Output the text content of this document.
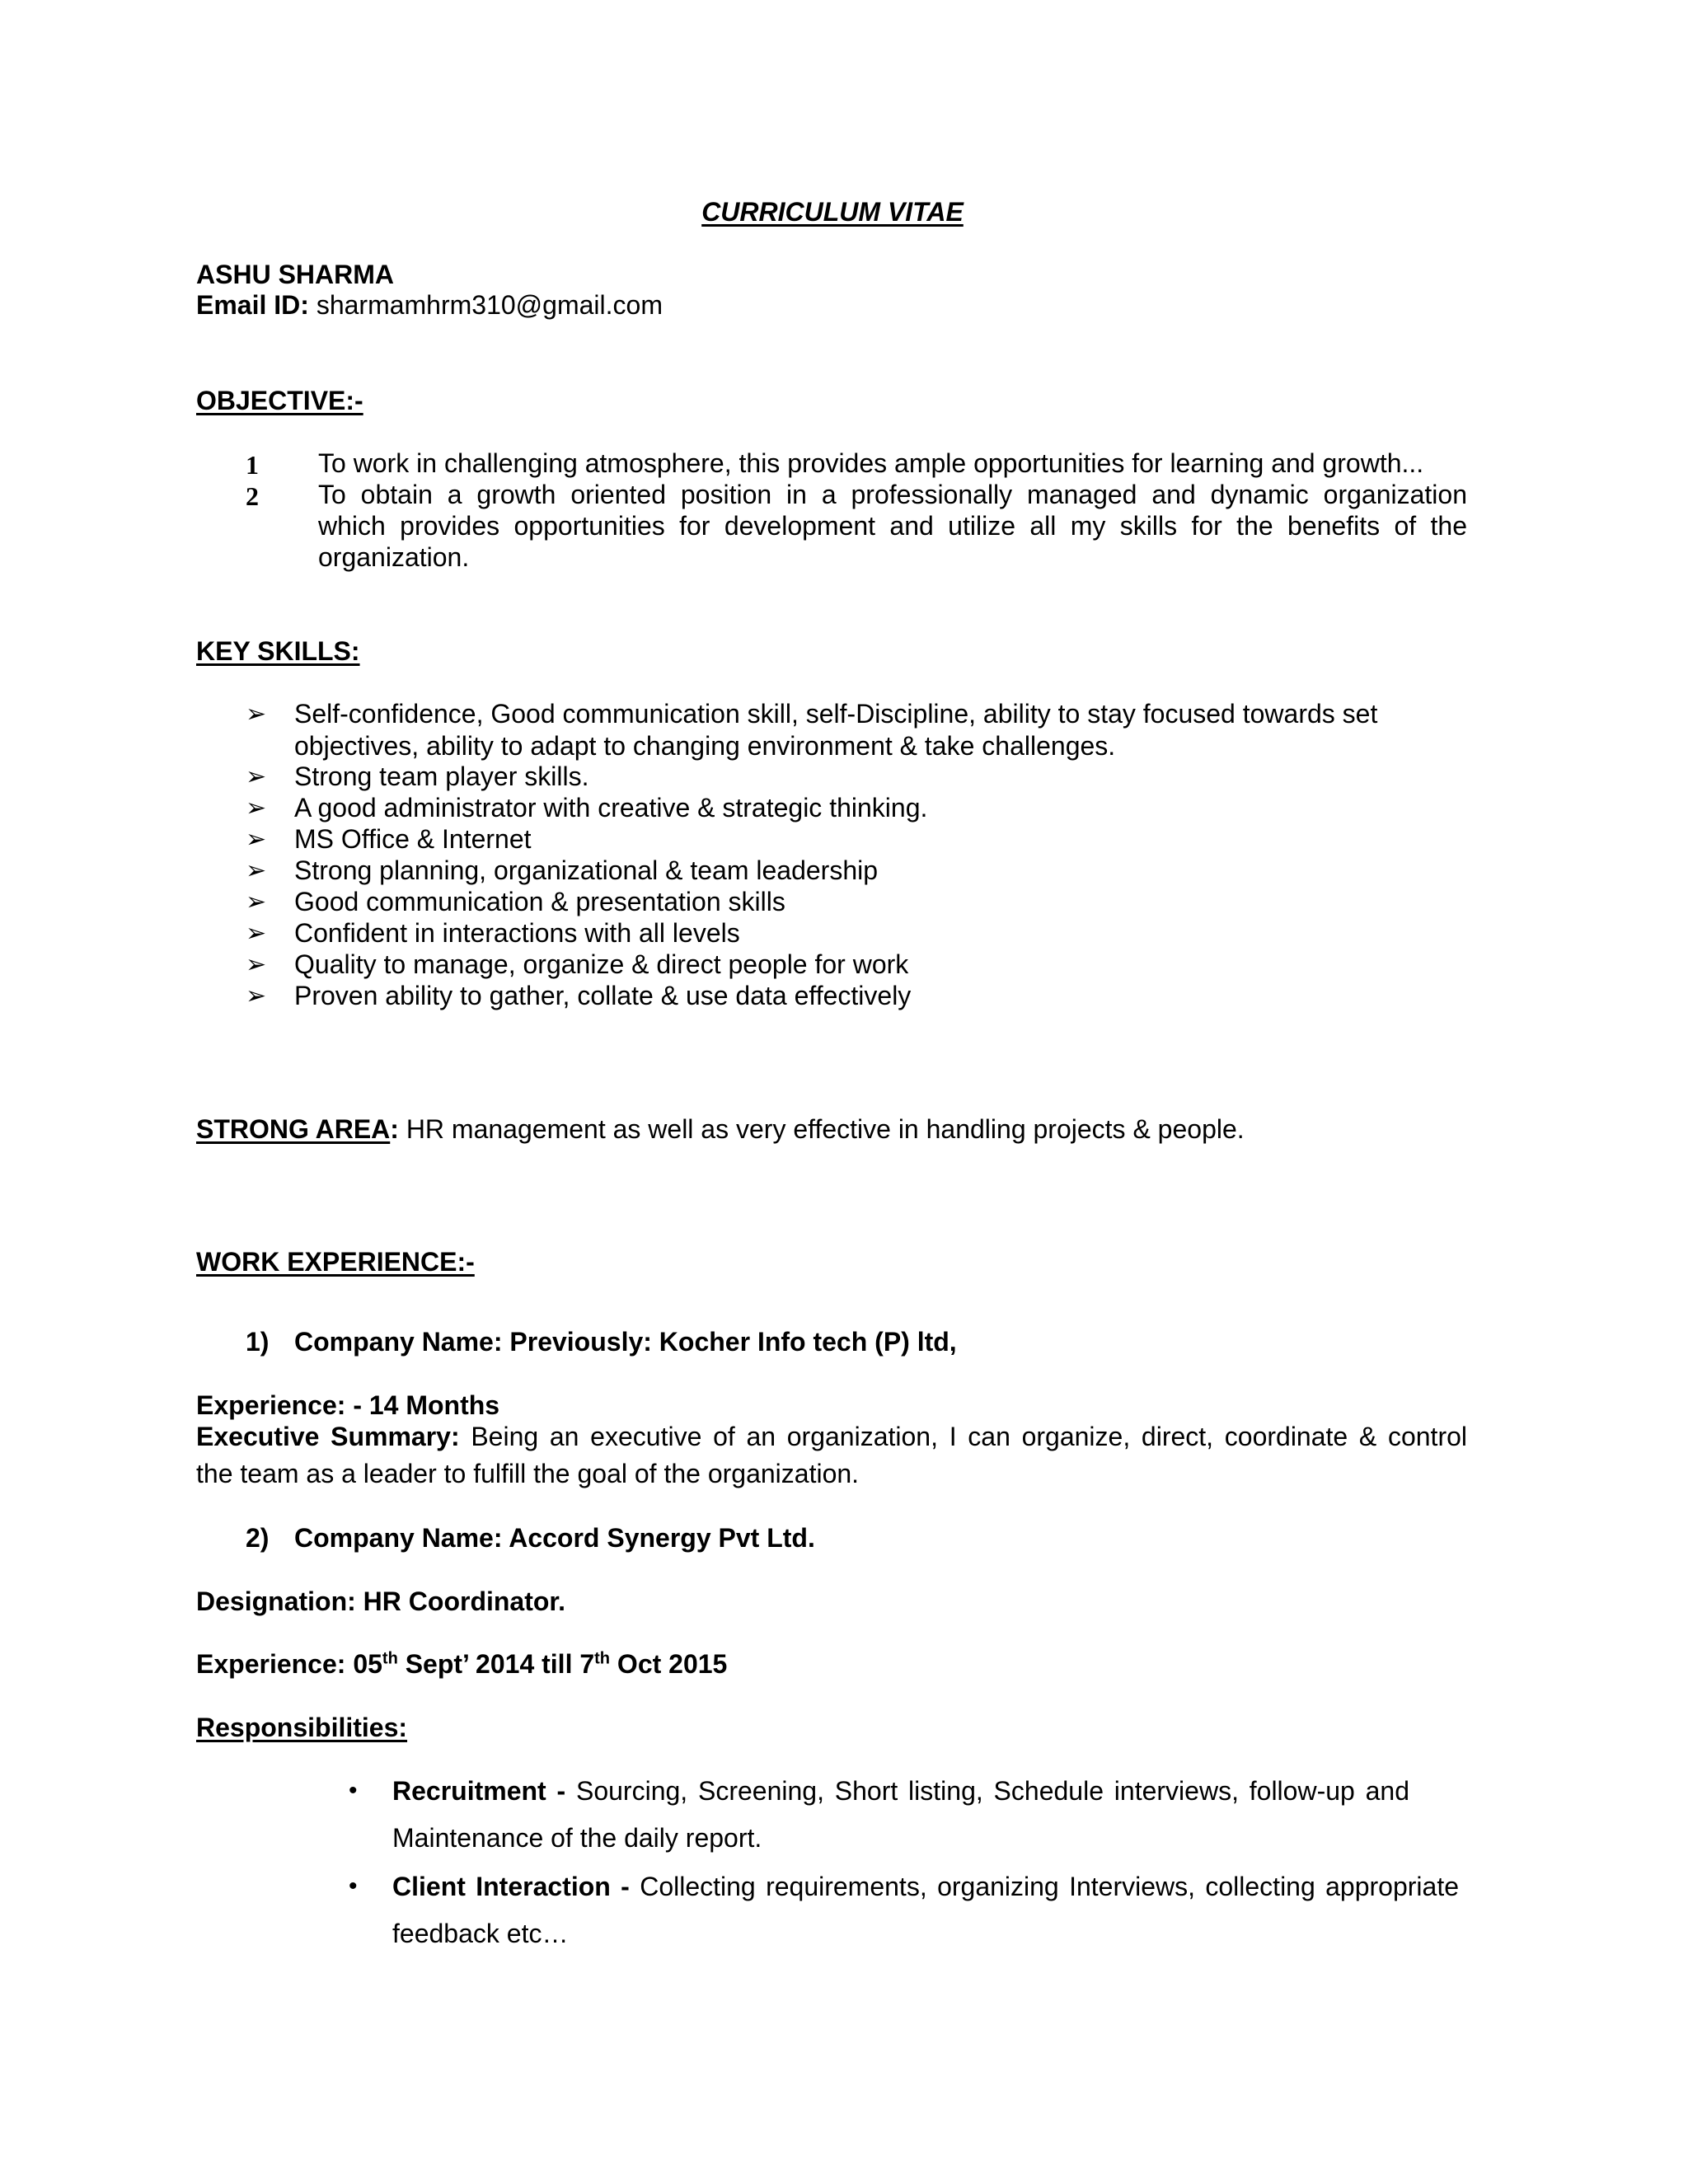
CURRICULUM VITAE
ASHU SHARMA
Email ID: sharmamhrm310@gmail.com
OBJECTIVE:-
1 To work in challenging atmosphere, this provides ample opportunities for learning and growth...
2 To obtain a growth oriented position in a professionally managed and dynamic organization
which provides opportunities for development and utilize all my skills for the benefits of the
organization.
KEY SKILLS:
➢ Self-confidence, Good communication skill, self-Discipline, ability to stay focused towards set
objectives, ability to adapt to changing environment & take challenges.
➢ Strong team player skills.
➢ A good administrator with creative & strategic thinking.
➢ MS Office & Internet
➢ Strong planning, organizational & team leadership
➢ Good communication & presentation skills
➢ Confident in interactions with all levels
➢ Quality to manage, organize & direct people for work
➢ Proven ability to gather, collate & use data effectively
STRONG AREA: HR management as well as very effective in handling projects & people.
WORK EXPERIENCE:-
1) Company Name: Previously: Kocher Info tech (P) ltd,
Experience: - 14 Months
Executive Summary: Being an executive of an organization, I can organize, direct, coordinate & control
the team as a leader to fulfill the goal of the organization.
2) Company Name: Accord Synergy Pvt Ltd.
Designation: HR Coordinator.
Experience: 05th Sept’ 2014 till 7th Oct 2015
Responsibilities:
• Recruitment - Sourcing, Screening, Short listing, Schedule interviews, follow-up and
Maintenance of the daily report.
• Client Interaction - Collecting requirements, organizing Interviews, collecting appropriate
feedback etc…
